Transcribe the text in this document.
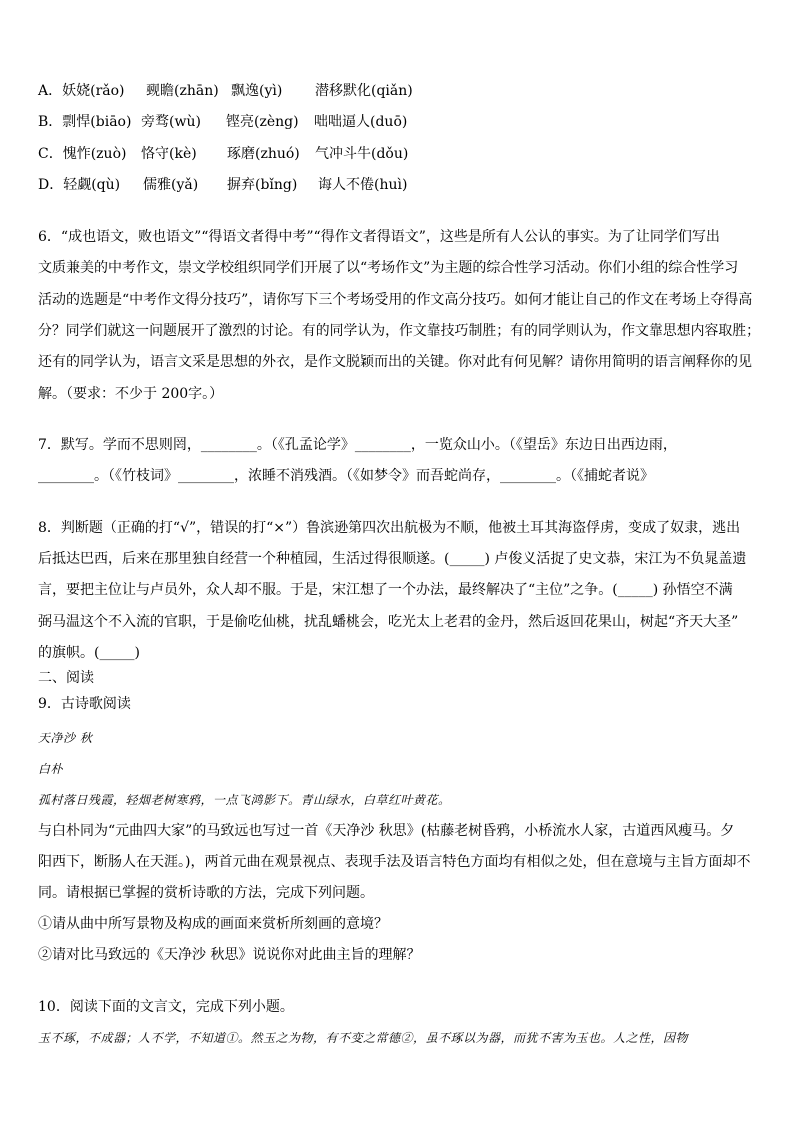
A．妖娆(rǎo) 觋瞻(zhān) 飘逸(yì) 潜移默化(qiǎn)
B．剽悍(biāo) 旁骛(wù) 铿亮(zèng) 咄咄逼人(duō)
C．愧怍(zuò) 恪守(kè) 琢磨(zhuó) 气冲斗牛(dǒu)
D．轻觑(qù) 儒雅(yǎ) 摒弃(bǐng) 诲人不倦(huì)
6．“成也语文，败也语文”“得语文者得中考”“得作文者得语文”，这些是所有人公认的事实。为了让同学们写出
文质兼美的中考作文，崇文学校组织同学们开展了以“考场作文”为主题的综合性学习活动。你们小组的综合性学习
活动的选题是“中考作文得分技巧”，请你写下三个考场受用的作文高分技巧。如何才能让自己的作文在考场上夺得高
分？同学们就这一问题展开了激烈的讨论。有的同学认为，作文靠技巧制胜；有的同学则认为，作文靠思想内容取胜；
还有的同学认为，语言文采是思想的外衣，是作文脱颖而出的关键。你对此有何见解？请你用简明的语言阐释你的见
解。（要求：不少于 200字。）
7．默写。学而不思则罔，________。（《孔孟论学》________，一览众山小。（《望岳》东边日出西边雨，
________。（《竹枝词》________，浓睡不消残酒。（《如梦令》而吾蛇尚存，________。（《捕蛇者说》
8．判断题（正确的打“√”，错误的打“×”）鲁滨逊第四次出航极为不顺，他被土耳其海盗俘虏，变成了奴隶，逃出
后抵达巴西，后来在那里独自经营一个种植园，生活过得很顺遂。(_____) 卢俊义活捉了史文恭，宋江为不负晁盖遗
言，要把主位让与卢员外，众人却不服。于是，宋江想了一个办法，最终解决了“主位”之争。(_____) 孙悟空不满
弼马温这个不入流的官职，于是偷吃仙桃，扰乱蟠桃会，吃光太上老君的金丹，然后返回花果山，树起“齐天大圣”
的旗帜。(_____)
二、阅读
9．古诗歌阅读
天净沙 秋
白朴
孤村落日残霞，轻烟老树寒鸦，一点飞鸿影下。青山绿水，白草红叶黄花。
与白朴同为“元曲四大家”的马致远也写过一首《天净沙 秋思》(枯藤老树昏鸦，小桥流水人家，古道西风瘦马。夕
阳西下，断肠人在天涯。)，两首元曲在观景视点、表现手法及语言特色方面均有相似之处，但在意境与主旨方面却不
同。请根据已掌握的赏析诗歌的方法，完成下列问题。
①请从曲中所写景物及构成的画面来赏析所刻画的意境？
②请对比马致远的《天净沙 秋思》说说你对此曲主旨的理解？
10．阅读下面的文言文，完成下列小题。
玉不琢，不成器；人不学，不知道①。然玉之为物，有不变之常德②，虽不琢以为器，而犹不害为玉也。人之性，因物
